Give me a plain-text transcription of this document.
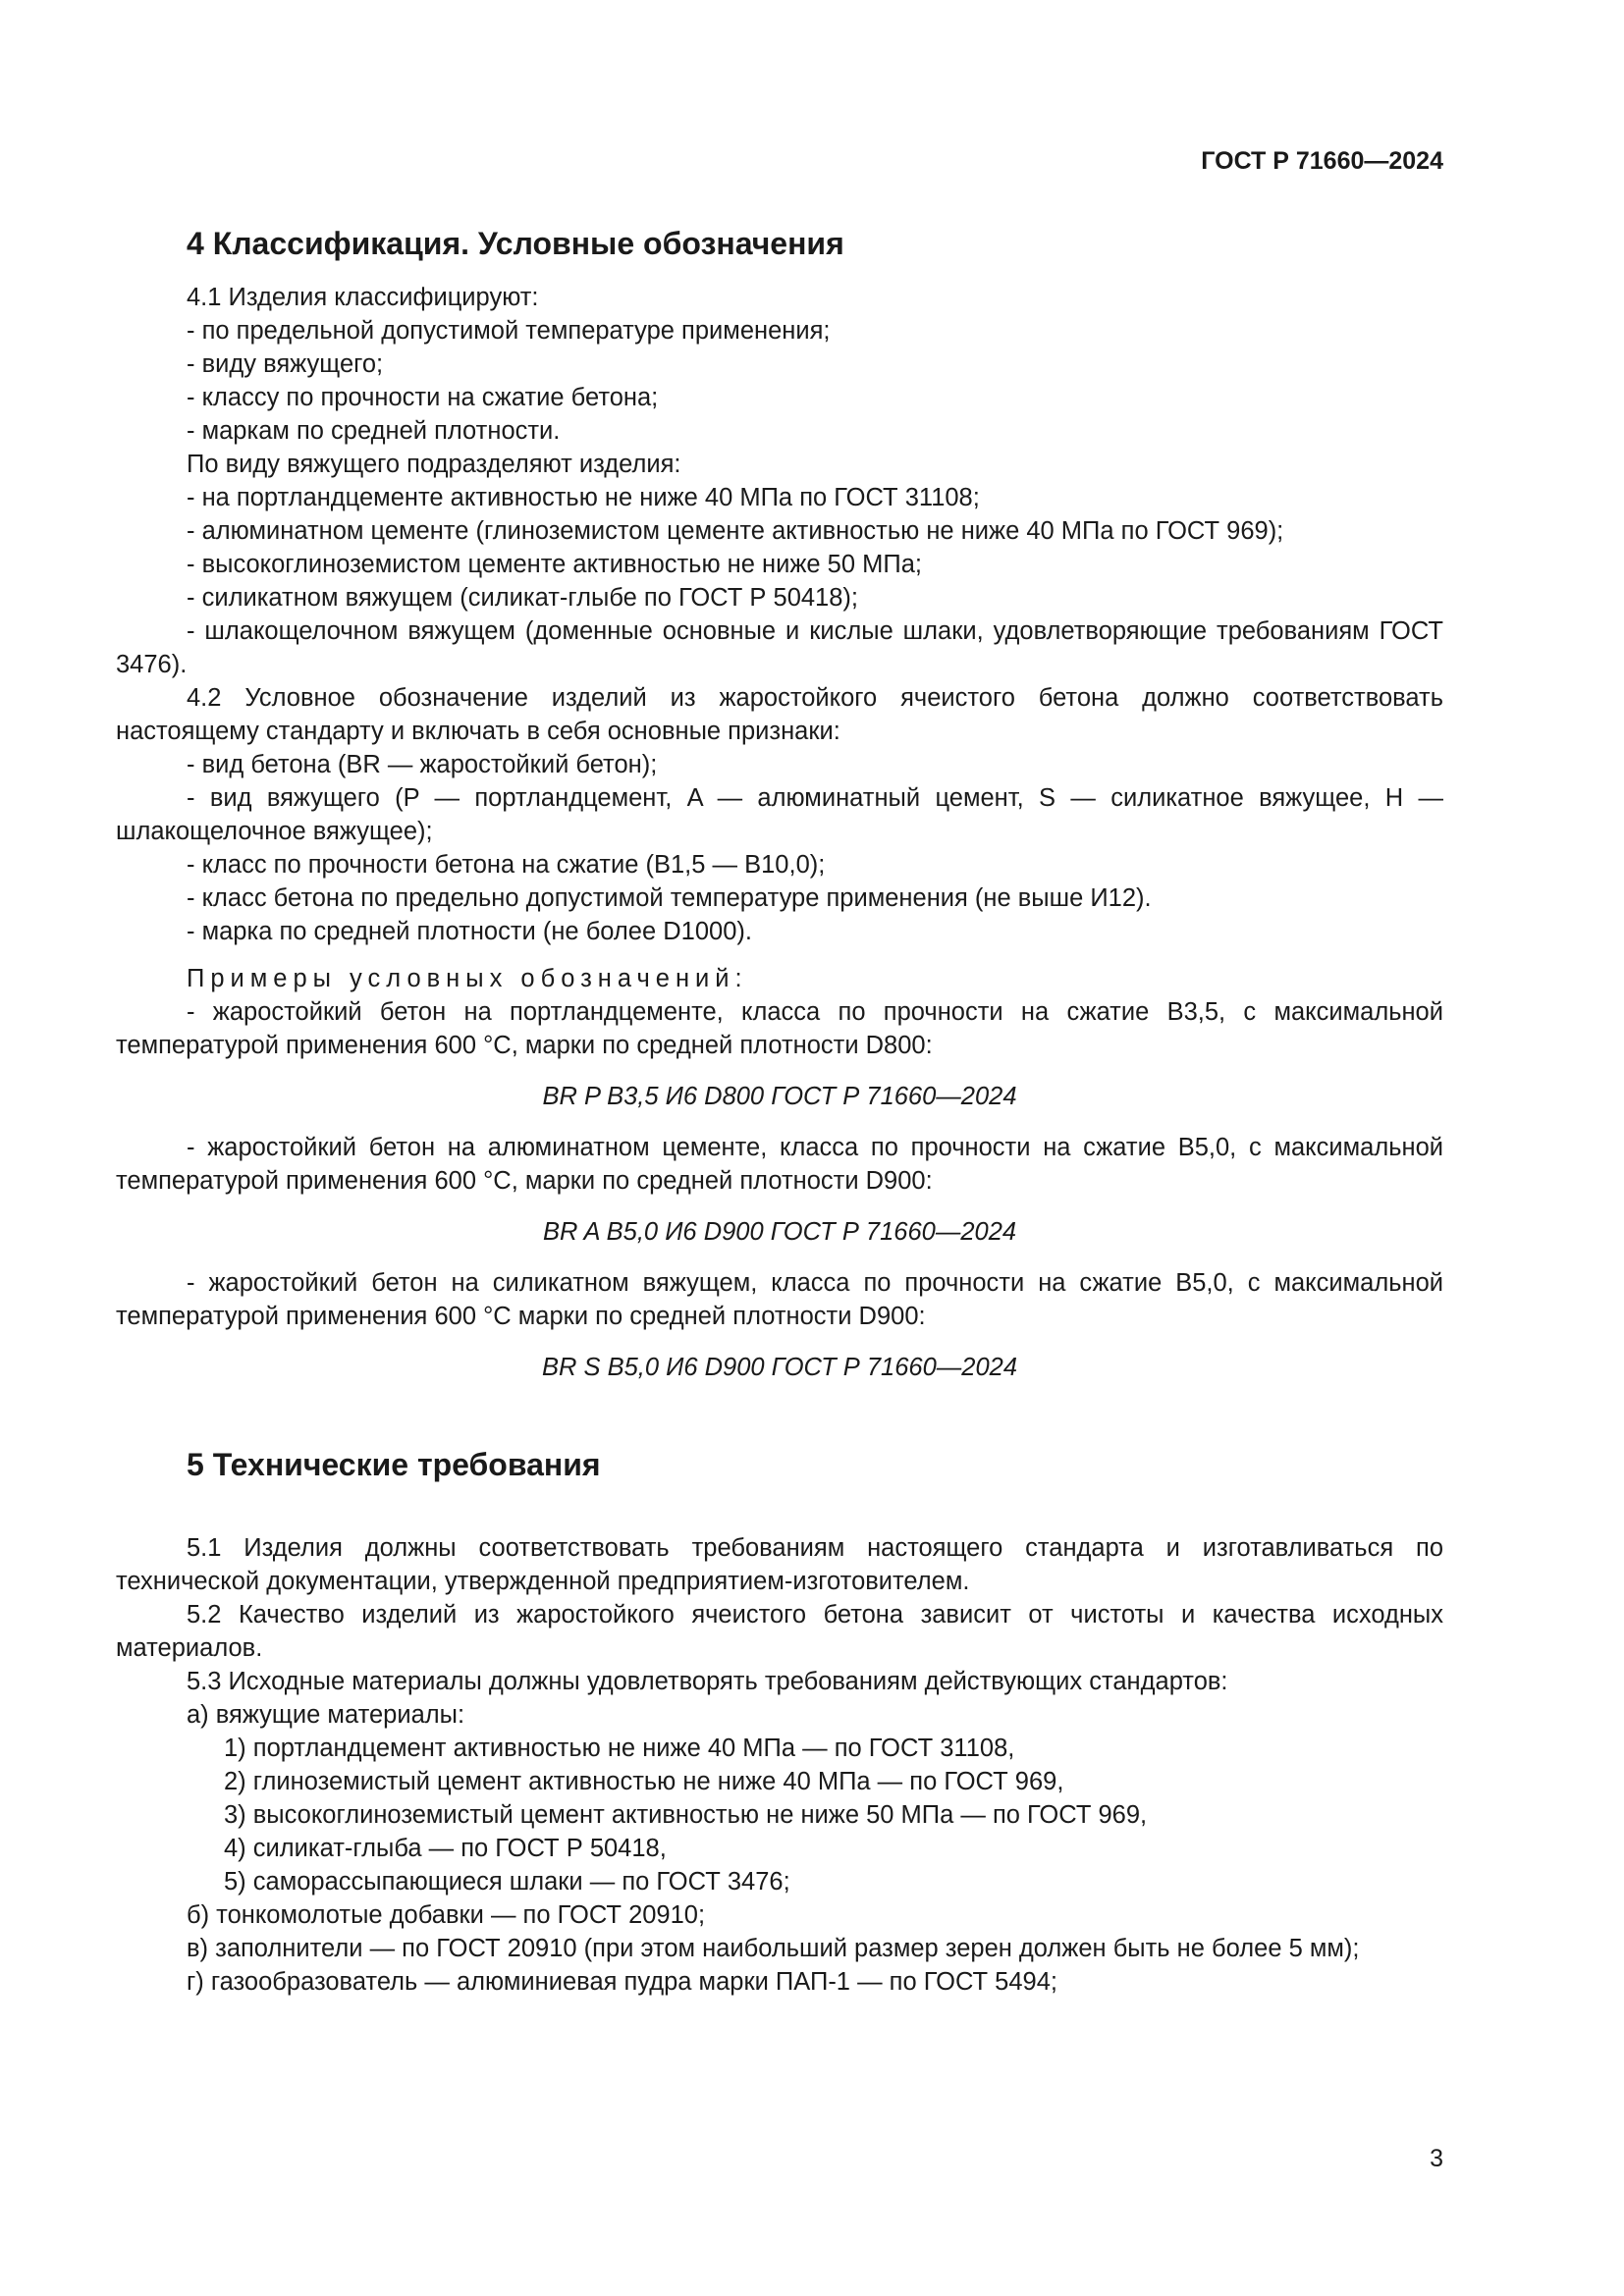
ГОСТ Р 71660—2024
4 Классификация. Условные обозначения

4.1 Изделия классифицируют:

- по предельной допустимой температуре применения;

- виду вяжущего;

- классу по прочности на сжатие бетона;

- маркам по средней плотности.

По виду вяжущего подразделяют изделия:

- на портландцементе активностью не ниже 40 МПа по ГОСТ 31108;

- алюминатном цементе (глиноземистом цементе активностью не ниже 40 МПа по ГОСТ 969);

- высокоглиноземистом цементе активностью не ниже 50 МПа;

- силикатном вяжущем (силикат-глыбе по ГОСТ Р 50418);

- шлакощелочном вяжущем (доменные основные и кислые шлаки, удовлетворяющие требованиям ГОСТ 3476).

4.2 Условное обозначение изделий из жаростойкого ячеистого бетона должно соответствовать настоящему стандарту и включать в себя основные признаки:

- вид бетона (BR — жаростойкий бетон);

- вид вяжущего (P — портландцемент, A — алюминатный цемент, S — силикатное вяжущее, H — шлакощелочное вяжущее);

- класс по прочности бетона на сжатие (В1,5 — В10,0);

- класс бетона по предельно допустимой температуре применения (не выше И12).

- марка по средней плотности (не более D1000).

Примеры условных обозначений:

- жаростойкий бетон на портландцементе, класса по прочности на сжатие В3,5, с максимальной температурой применения 600 °С, марки по средней плотности D800:

BR P В3,5 И6 D800 ГОСТ Р 71660—2024

- жаростойкий бетон на алюминатном цементе, класса по прочности на сжатие В5,0, с максимальной температурой применения 600 °С, марки по средней плотности D900:

BR A В5,0 И6 D900 ГОСТ Р 71660—2024

- жаростойкий бетон на силикатном вяжущем, класса по прочности на сжатие В5,0, с максимальной температурой применения 600 °С марки по средней плотности D900:

BR S В5,0 И6 D900 ГОСТ Р 71660—2024

5 Технические требования

5.1 Изделия должны соответствовать требованиям настоящего стандарта и изготавливаться по технической документации, утвержденной предприятием-изготовителем.

5.2 Качество изделий из жаростойкого ячеистого бетона зависит от чистоты и качества исходных материалов.

5.3 Исходные материалы должны удовлетворять требованиям действующих стандартов:

а) вяжущие материалы:

1) портландцемент активностью не ниже 40 МПа — по ГОСТ 31108,

2) глиноземистый цемент активностью не ниже 40 МПа — по ГОСТ 969,

3) высокоглиноземистый цемент активностью не ниже 50 МПа — по ГОСТ 969,

4) силикат-глыба — по ГОСТ Р 50418,

5) саморассыпающиеся шлаки — по ГОСТ 3476;

б) тонкомолотые добавки — по ГОСТ 20910;

в) заполнители — по ГОСТ 20910 (при этом наибольший размер зерен должен быть не более 5 мм);

г) газообразователь — алюминиевая пудра марки ПАП-1 — по ГОСТ 5494;

3
